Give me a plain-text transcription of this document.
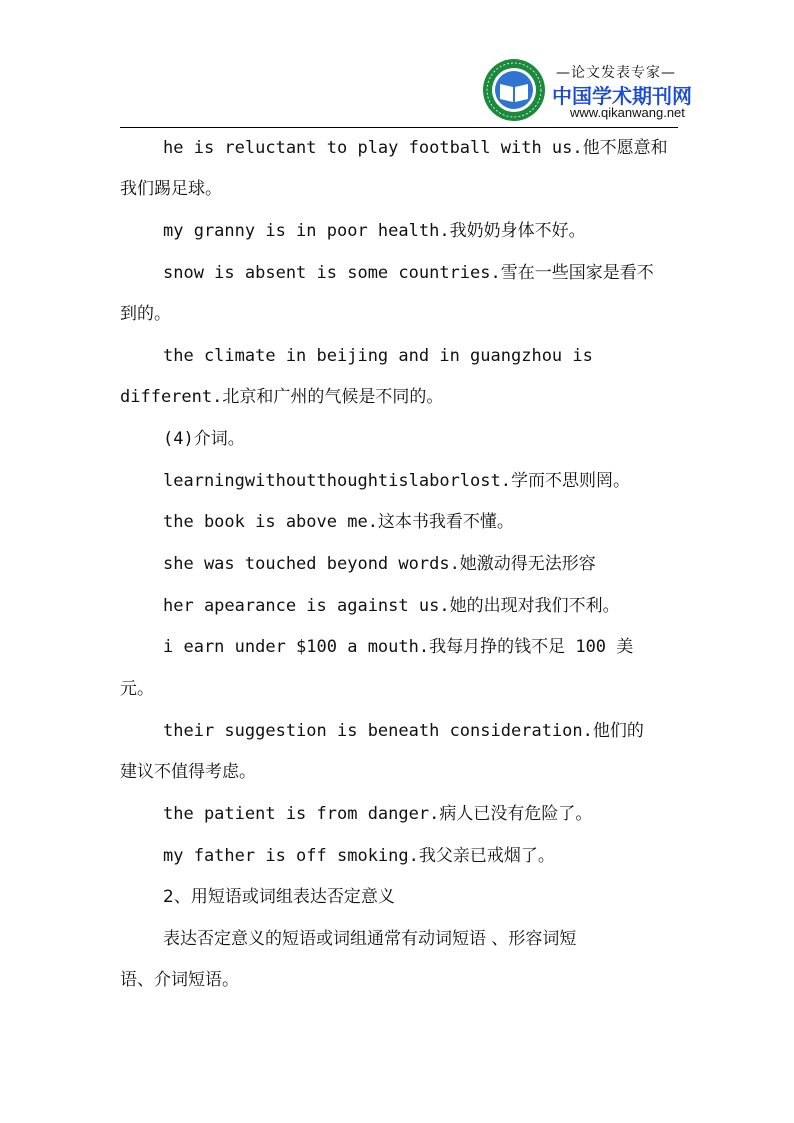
—论文发表专家—
中国学术期刊网
www.qikanwang.net
he is reluctant to play football with us.他不愿意和
我们踢足球。
my granny is in poor health.我奶奶身体不好。
snow is absent is some countries.雪在一些国家是看不
到的。
the climate in beijing and in guangzhou is
different.北京和广州的气候是不同的。
(4)介词。
learningwithoutthoughtislaborlost.学而不思则罔。
the book is above me.这本书我看不懂。
she was touched beyond words.她激动得无法形容
her apearance is against us.她的出现对我们不利。
i earn under $100 a mouth.我每月挣的钱不足 100 美
元。
their suggestion is beneath consideration.他们的
建议不值得考虑。
the patient is from danger.病人已没有危险了。
my father is off smoking.我父亲已戒烟了。
2、用短语或词组表达否定意义
表达否定意义的短语或词组通常有动词短语 、形容词短
语、介词短语。
